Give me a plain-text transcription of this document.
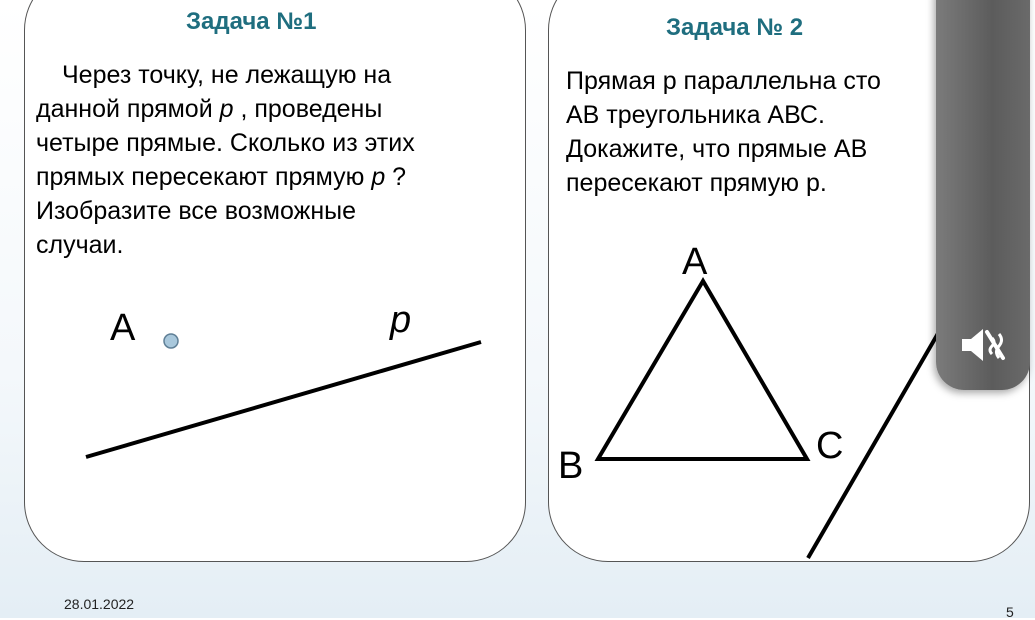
Задача №1	Задача № 2
Через точку, не лежащую на
данной прямой р , проведены
четыре прямые. Сколько из этих
прямых пересекают прямую р ?
Изобразите все возможные
случаи.
Прямая р параллельна сто
АВ треугольника АВС.
Докажите, что прямые АВ
пересекают прямую р.
А	р
А
В	С
28.01.2022	5
